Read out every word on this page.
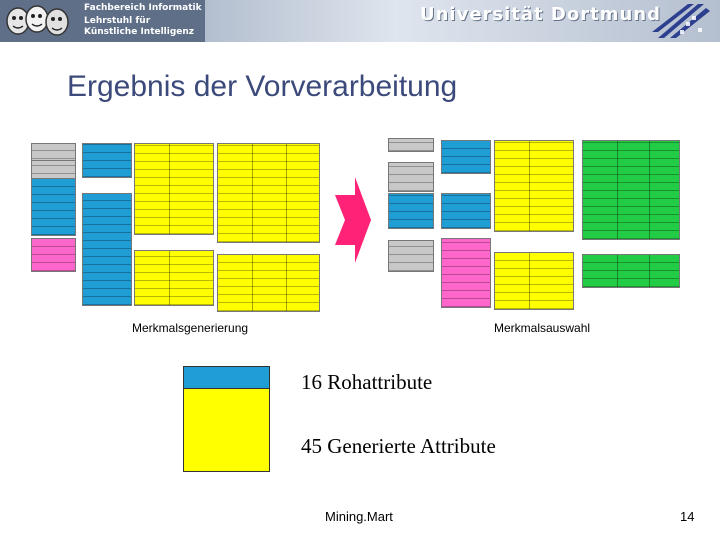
Fachbereich Informatik
Lehrstuhl für
Künstliche Intelligenz
Universität Dortmund
Ergebnis der Vorverarbeitung
Merkmalsgenerierung	Merkmalsauswahl
16 Rohattribute
45 Generierte Attribute
Mining.Mart	14
